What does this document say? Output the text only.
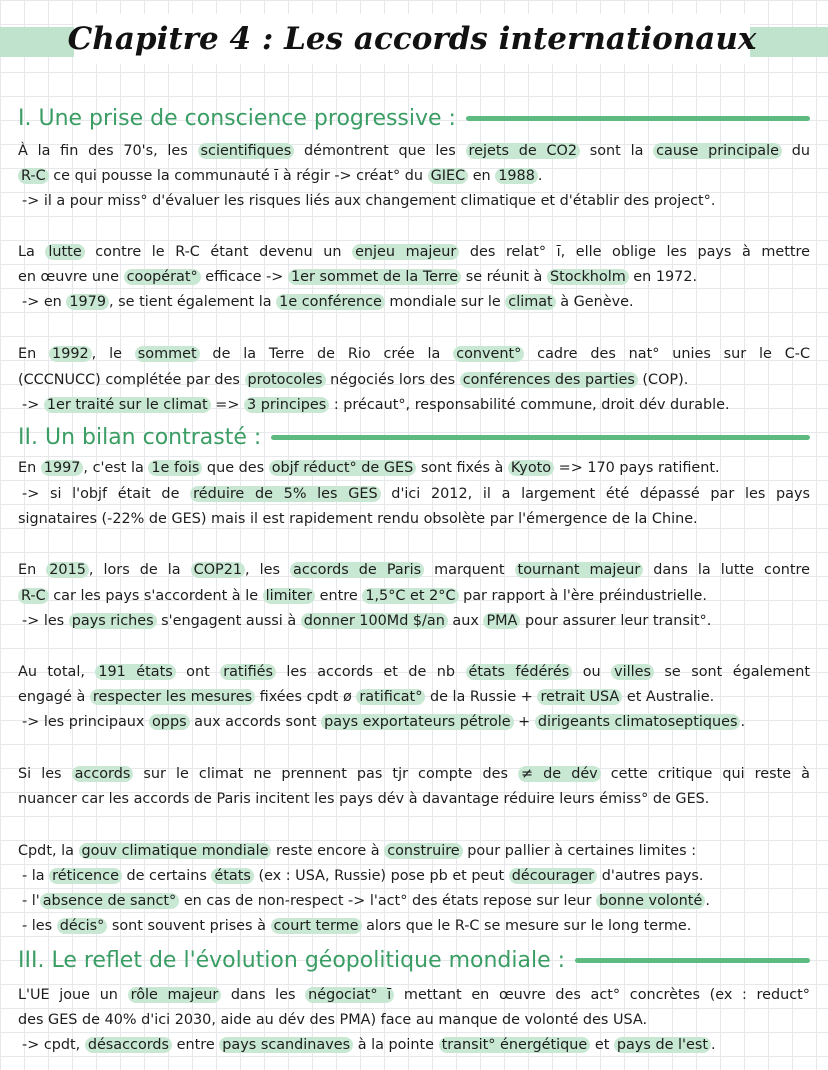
Chapitre 4 : Les accords internationaux
I. Une prise de conscience progressive :
À la fin des 70's, les scientifiques démontrent que les rejets de CO2 sont la cause principale du
R-C ce qui pousse la communauté ī à régir -> créat° du GIEC en 1988 .
-> il a pour miss° d'évaluer les risques liés aux changement climatique et d'établir des project°.
La lutte contre le R-C étant devenu un enjeu majeur des relat° ī, elle oblige les pays à mettre
en œuvre une coopérat° efficace -> 1er sommet de la Terre se réunit à Stockholm en 1972.
-> en 1979 , se tient également la 1e conférence mondiale sur le climat à Genève.
En 1992 , le sommet de la Terre de Rio crée la convent° cadre des nat° unies sur le C-C
(CCCNUCC) complétée par des protocoles négociés lors des conférences des parties (COP).
-> 1er traité sur le climat => 3 principes : précaut°, responsabilité commune, droit dév durable.
II. Un bilan contrasté :
En 1997 , c'est la 1e fois que des objf réduct° de GES sont fixés à Kyoto => 170 pays ratifient.
-> si l'objf était de réduire de 5% les GES d'ici 2012, il a largement été dépassé par les pays
signataires (-22% de GES) mais il est rapidement rendu obsolète par l'émergence de la Chine.
En 2015 , lors de la COP21 , les accords de Paris marquent tournant majeur dans la lutte contre
R-C car les pays s'accordent à le limiter entre 1,5°C et 2°C par rapport à l'ère préindustrielle.
-> les pays riches s'engagent aussi à donner 100Md $/an aux PMA pour assurer leur transit°.
Au total, 191 états ont ratifiés les accords et de nb états fédérés ou villes se sont également
engagé à respecter les mesures fixées cpdt ø ratificat° de la Russie + retrait USA et Australie.
-> les principaux opps aux accords sont pays exportateurs pétrole + dirigeants climatoseptiques .
Si les accords sur le climat ne prennent pas tjr compte des ≠ de dév cette critique qui reste à
nuancer car les accords de Paris incitent les pays dév à davantage réduire leurs émiss° de GES.
Cpdt, la gouv climatique mondiale reste encore à construire pour pallier à certaines limites :
- la réticence de certains états (ex : USA, Russie) pose pb et peut décourager d'autres pays.
- l' absence de sanct° en cas de non-respect -> l'act° des états repose sur leur bonne volonté .
- les décis° sont souvent prises à court terme alors que le R-C se mesure sur le long terme.
III. Le reflet de l'évolution géopolitique mondiale :
L'UE joue un rôle majeur dans les négociat° ī mettant en œuvre des act° concrètes (ex : reduct°
des GES de 40% d'ici 2030, aide au dév des PMA) face au manque de volonté des USA.
-> cpdt, désaccords entre pays scandinaves à la pointe transit° énergétique et pays de l'est .
